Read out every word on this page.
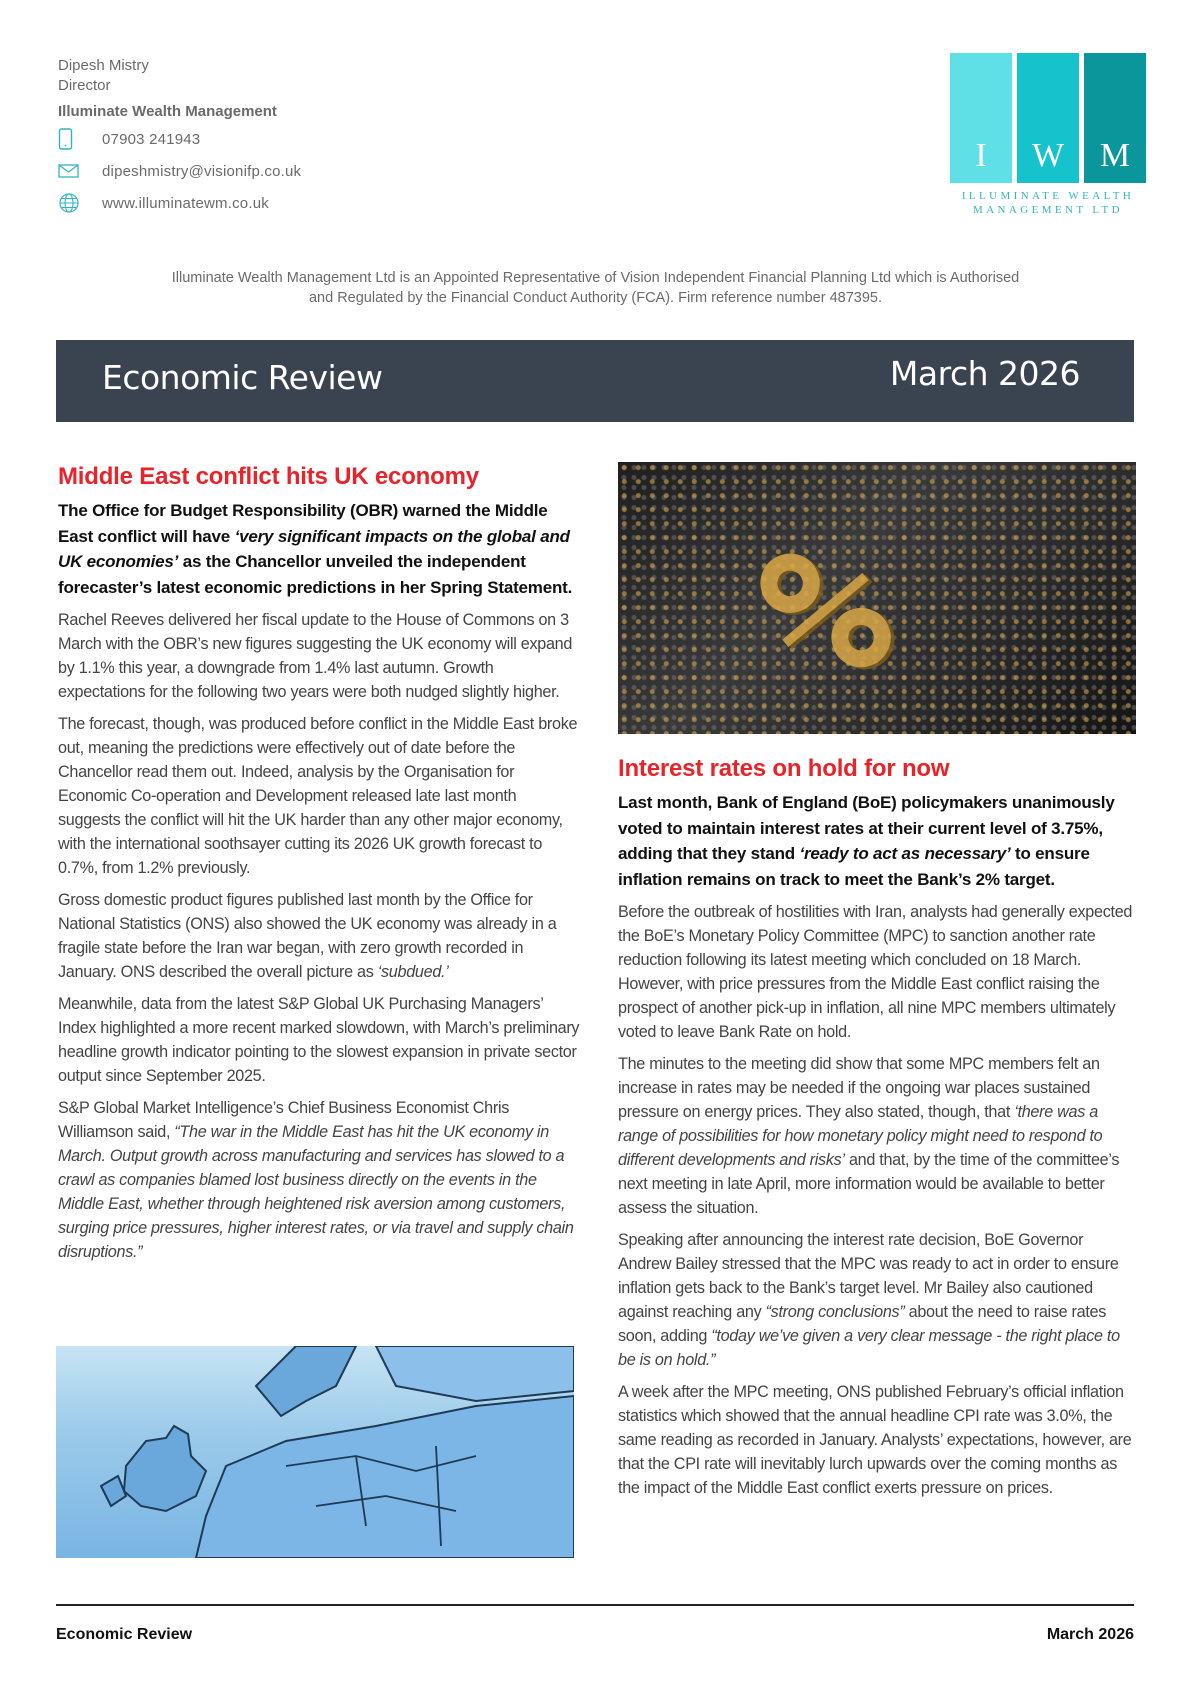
Dipesh Mistry
Director
Illuminate Wealth Management
07903 241943
dipeshmistry@visionifp.co.uk
www.illuminatewm.co.uk
I	W	M
ILLUMINATE WEALTH
MANAGEMENT LTD
Illuminate Wealth Management Ltd is an Appointed Representative of Vision Independent Financial Planning Ltd which is Authorised
and Regulated by the Financial Conduct Authority (FCA). Firm reference number 487395.
Economic Review	March 2026
Middle East conflict hits UK economy
The Office for Budget Responsibility (OBR) warned the Middle East conflict will have ‘very significant impacts on the global and UK economies’ as the Chancellor unveiled the independent forecaster’s latest economic predictions in her Spring Statement.

Rachel Reeves delivered her fiscal update to the House of Commons on 3 March with the OBR’s new figures suggesting the UK economy will expand by 1.1% this year, a downgrade from 1.4% last autumn. Growth expectations for the following two years were both nudged slightly higher.

The forecast, though, was produced before conflict in the Middle East broke out, meaning the predictions were effectively out of date before the Chancellor read them out. Indeed, analysis by the Organisation for Economic Co-operation and Development released late last month suggests the conflict will hit the UK harder than any other major economy, with the international soothsayer cutting its 2026 UK growth forecast to 0.7%, from 1.2% previously.

Gross domestic product figures published last month by the Office for National Statistics (ONS) also showed the UK economy was already in a fragile state before the Iran war began, with zero growth recorded in January. ONS described the overall picture as ‘subdued.’

Meanwhile, data from the latest S&P Global UK Purchasing Managers’ Index highlighted a more recent marked slowdown, with March’s preliminary headline growth indicator pointing to the slowest expansion in private sector output since September 2025.

S&P Global Market Intelligence’s Chief Business Economist Chris Williamson said, “The war in the Middle East has hit the UK economy in March. Output growth across manufacturing and services has slowed to a crawl as companies blamed lost business directly on the events in the Middle East, whether through heightened risk aversion among customers, surging price pressures, higher interest rates, or via travel and supply chain disruptions.”

%
Interest rates on hold for now
Last month, Bank of England (BoE) policymakers unanimously voted to maintain interest rates at their current level of 3.75%, adding that they stand ‘ready to act as necessary’ to ensure inflation remains on track to meet the Bank’s 2% target.

Before the outbreak of hostilities with Iran, analysts had generally expected the BoE’s Monetary Policy Committee (MPC) to sanction another rate reduction following its latest meeting which concluded on 18 March. However, with price pressures from the Middle East conflict raising the prospect of another pick-up in inflation, all nine MPC members ultimately voted to leave Bank Rate on hold.

The minutes to the meeting did show that some MPC members felt an increase in rates may be needed if the ongoing war places sustained pressure on energy prices. They also stated, though, that ‘there was a range of possibilities for how monetary policy might need to respond to different developments and risks’ and that, by the time of the committee’s next meeting in late April, more information would be available to better assess the situation.

Speaking after announcing the interest rate decision, BoE Governor Andrew Bailey stressed that the MPC was ready to act in order to ensure inflation gets back to the Bank’s target level. Mr Bailey also cautioned against reaching any “strong conclusions” about the need to raise rates soon, adding “today we’ve given a very clear message - the right place to be is on hold.”

A week after the MPC meeting, ONS published February’s official inflation statistics which showed that the annual headline CPI rate was 3.0%, the same reading as recorded in January. Analysts’ expectations, however, are that the CPI rate will inevitably lurch upwards over the coming months as the impact of the Middle East conflict exerts pressure on prices.

Economic Review	March 2026
